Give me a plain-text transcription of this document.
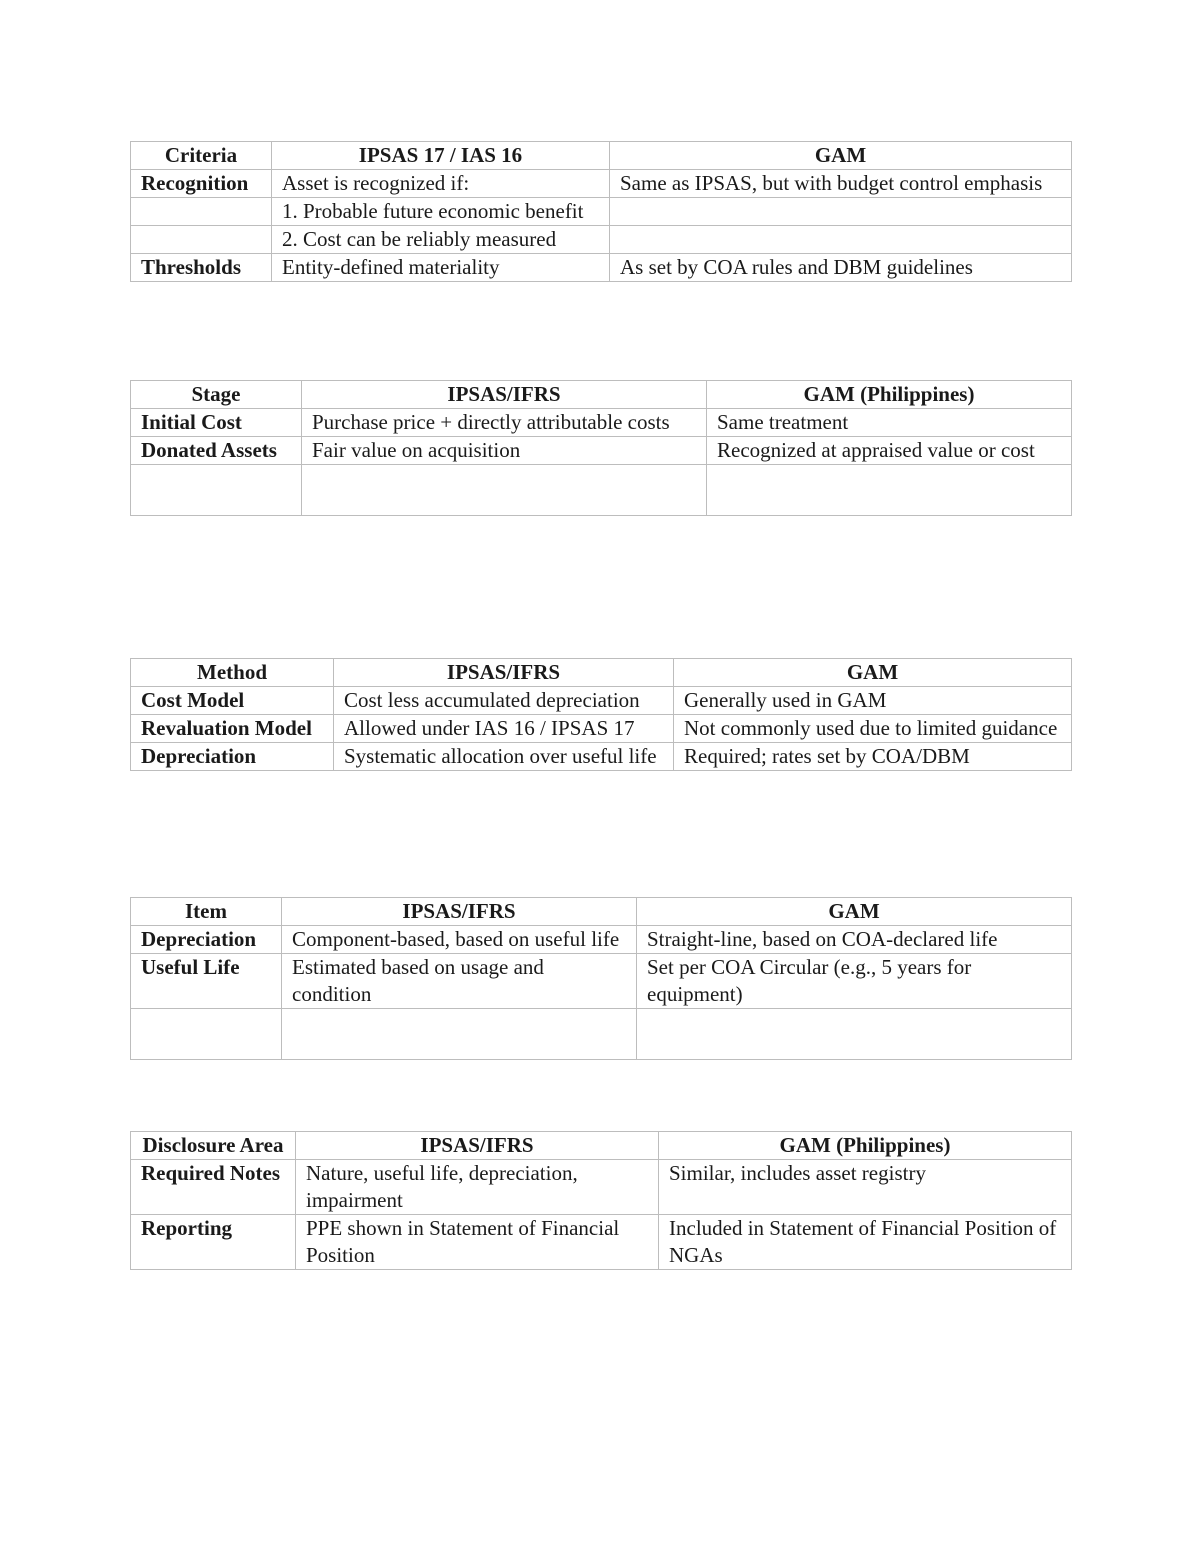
Criteria	IPSAS 17 / IAS 16	GAM
Recognition	Asset is recognized if:	Same as IPSAS, but with budget control emphasis
	1. Probable future economic benefit	
	2. Cost can be reliably measured	
Thresholds	Entity-defined materiality	As set by COA rules and DBM guidelines
Stage	IPSAS/IFRS	GAM (Philippines)
Initial Cost	Purchase price + directly attributable costs	Same treatment
Donated Assets	Fair value on acquisition	Recognized at appraised value or cost

Method	IPSAS/IFRS	GAM
Cost Model	Cost less accumulated depreciation	Generally used in GAM
Revaluation Model	Allowed under IAS 16 / IPSAS 17	Not commonly used due to limited guidance
Depreciation	Systematic allocation over useful life	Required; rates set by COA/DBM
Item	IPSAS/IFRS	GAM
Depreciation	Component-based, based on useful life	Straight-line, based on COA-declared life
Useful Life	Estimated based on usage and condition	Set per COA Circular (e.g., 5 years for equipment)

Disclosure Area	IPSAS/IFRS	GAM (Philippines)
Required Notes	Nature, useful life, depreciation, impairment	Similar, includes asset registry
Reporting	PPE shown in Statement of Financial Position	Included in Statement of Financial Position of NGAs
